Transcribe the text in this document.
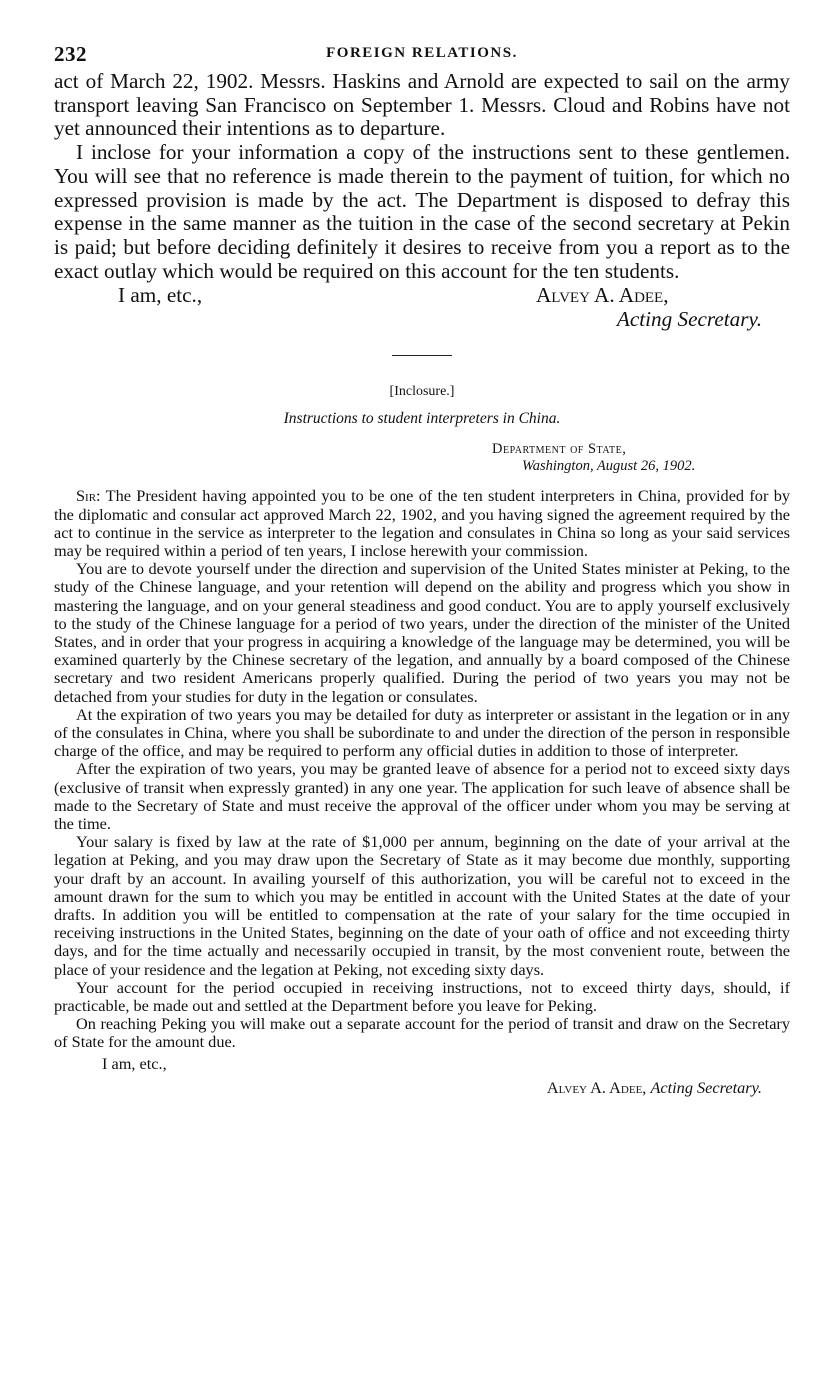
232	FOREIGN RELATIONS.

act of March 22, 1902. Messrs. Haskins and Arnold are expected to sail on the army transport leaving San Francisco on September 1. Messrs. Cloud and Robins have not yet announced their intentions as to departure.

I inclose for your information a copy of the instructions sent to these gentlemen. You will see that no reference is made therein to the payment of tuition, for which no expressed provision is made by the act. The Department is disposed to defray this expense in the same manner as the tuition in the case of the second secretary at Pekin is paid; but before deciding definitely it desires to receive from you a report as to the exact outlay which would be required on this account for the ten students.

I am, etc.,	Alvey A. Adee,
Acting Secretary.
[Inclosure.]
Instructions to student interpreters in China.
Department of State,
Washington, August 26, 1902.

Sir: The President having appointed you to be one of the ten student interpreters in China, provided for by the diplomatic and consular act approved March 22, 1902, and you having signed the agreement required by the act to continue in the service as interpreter to the legation and consulates in China so long as your said services may be required within a period of ten years, I inclose herewith your commission.

You are to devote yourself under the direction and supervision of the United States minister at Peking, to the study of the Chinese language, and your retention will depend on the ability and progress which you show in mastering the language, and on your general steadiness and good conduct. You are to apply yourself exclusively to the study of the Chinese language for a period of two years, under the direction of the minister of the United States, and in order that your progress in acquiring a knowledge of the language may be determined, you will be examined quarterly by the Chinese secretary of the legation, and annually by a board composed of the Chinese secretary and two resident Americans properly qualified. During the period of two years you may not be detached from your studies for duty in the legation or consulates.

At the expiration of two years you may be detailed for duty as interpreter or assistant in the legation or in any of the consulates in China, where you shall be subordinate to and under the direction of the person in responsible charge of the office, and may be required to perform any official duties in addition to those of interpreter.

After the expiration of two years, you may be granted leave of absence for a period not to exceed sixty days (exclusive of transit when expressly granted) in any one year. The application for such leave of absence shall be made to the Secretary of State and must receive the approval of the officer under whom you may be serving at the time.

Your salary is fixed by law at the rate of $1,000 per annum, beginning on the date of your arrival at the legation at Peking, and you may draw upon the Secretary of State as it may become due monthly, supporting your draft by an account. In availing yourself of this authorization, you will be careful not to exceed in the amount drawn for the sum to which you may be entitled in account with the United States at the date of your drafts. In addition you will be entitled to compensation at the rate of your salary for the time occupied in receiving instructions in the United States, beginning on the date of your oath of office and not exceeding thirty days, and for the time actually and necessarily occupied in transit, by the most convenient route, between the place of your residence and the legation at Peking, not exceding sixty days.

Your account for the period occupied in receiving instructions, not to exceed thirty days, should, if practicable, be made out and settled at the Department before you leave for Peking.

On reaching Peking you will make out a separate account for the period of transit and draw on the Secretary of State for the amount due.

I am, etc.,
Alvey A. Adee, Acting Secretary.
